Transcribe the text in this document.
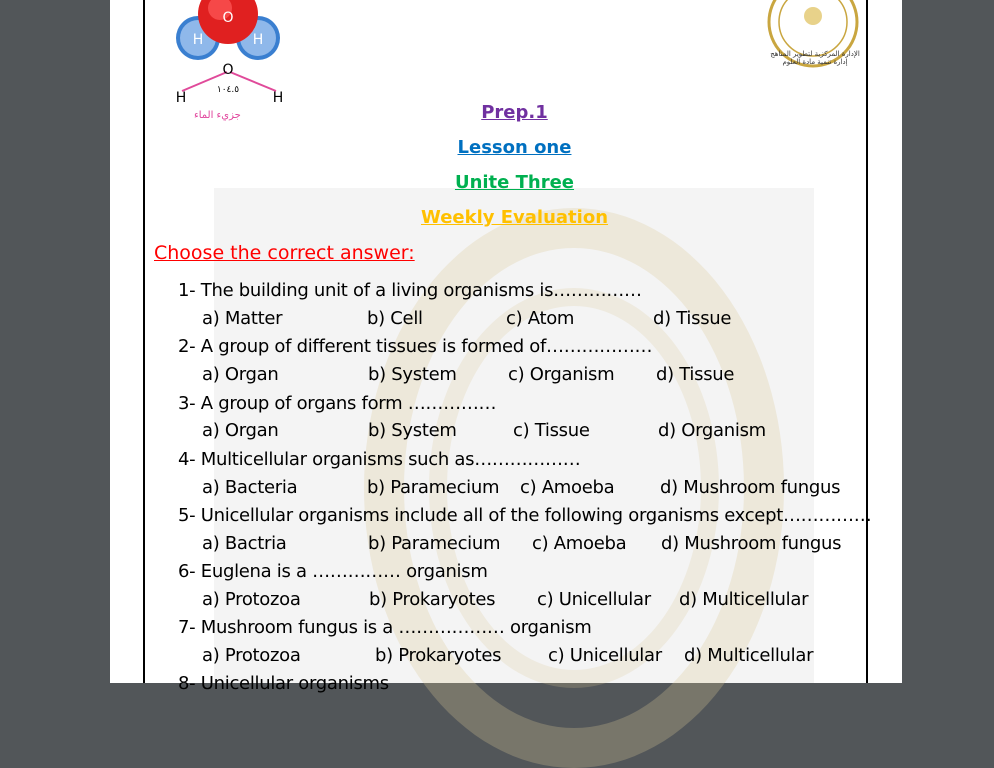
H	H
O
O
H	H
١٠٤.٥
جزيء الماء
الإدارة المركزية لتطوير المناهج
إدارة تنمية مادة العلوم
Prep.1
Lesson one
Unite Three
Weekly Evaluation
Choose the correct answer:
1- The building unit of a living organisms is……………
a) Matter	b) Cell	c) Atom	d) Tissue
2- A group of different tissues is formed of………………
a) Organ	b) System	c) Organism d) Tissue
3- A group of organs form ……………
a) Organ	b) System	c) Tissue	d) Organism
4- Multicellular organisms such as………………
a) Bacteria	b) Paramecium c) Amoeba	d) Mushroom fungus
5- Unicellular organisms include all of the following organisms except……………
a) Bactria	b) Paramecium c) Amoeba d) Mushroom fungus
6- Euglena is a …………… organism
a) Protozoa	b) Prokaryotes c) Unicellular d) Multicellular
7- Mushroom fungus is a ……………… organism
a) Protozoa	b) Prokaryotes	c) Unicellular d) Multicellular
8- Unicellular organisms
